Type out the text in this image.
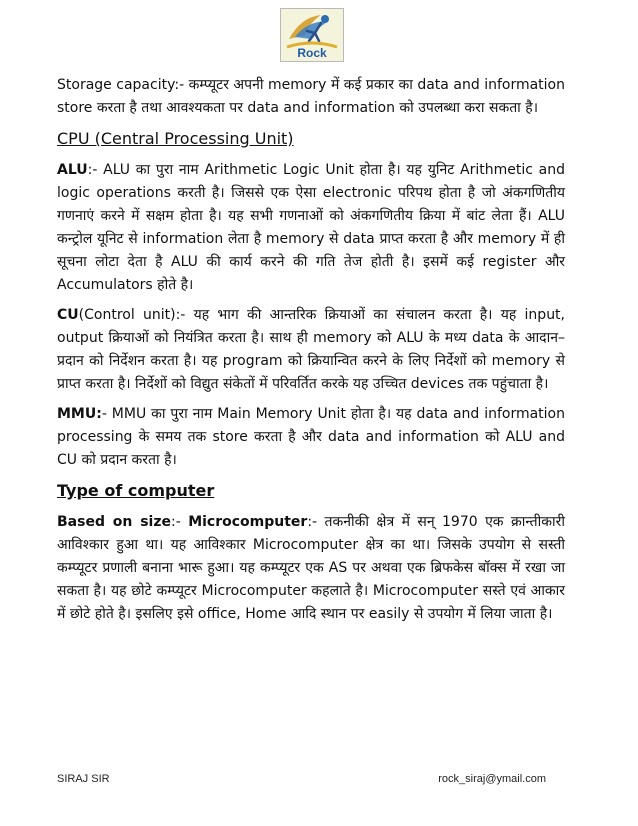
Rock

Storage capacity:- कम्प्यूटर अपनी memory में कई प्रकार का data and information store करता है तथा आवश्यकता पर data and information को उपलब्धा करा सकता है।

CPU (Central Processing Unit)

ALU:- ALU का पुरा नाम Arithmetic Logic Unit होता है। यह युनिट Arithmetic and logic operations करती है। जिससे एक ऐसा electronic परिपथ होता है जो अंकगणितीय गणनाएं करने में सक्षम होता है। यह सभी गणनाओं को अंकगणितीय क्रिया में बांट लेता हैं। ALU कन्ट्रोल यूनिट से information लेता है memory से data प्राप्त करता है और memory में ही सूचना लोटा देता है ALU की कार्य करने की गति तेज होती है। इसमें कई register और Accumulators होते है।

CU(Control unit):- यह भाग की आन्तरिक क्रियाओं का संचालन करता है। यह input, output क्रियाओं को नियंत्रित करता है। साथ ही memory को ALU के मध्य data के आदान–प्रदान को निर्देशन करता है। यह program को क्रियान्वित करने के लिए निर्देशों को memory से प्राप्त करता है। निर्देशों को विद्युत संकेतों में परिवर्तित करके यह उच्चित devices तक पहुंचाता है।

MMU:- MMU का पुरा नाम Main Memory Unit होता है। यह data and information processing के समय तक store करता है और data and information को ALU and CU को प्रदान करता है।

Type of computer

Based on size:- Microcomputer:- तकनीकी क्षेत्र में सन् 1970 एक क्रान्तीकारी आविश्कार हुआ था। यह आविश्कार Microcomputer क्षेत्र का था। जिसके उपयोग से सस्ती कम्प्यूटर प्रणाली बनाना भारू हुआ। यह कम्प्यूटर एक AS पर अथवा एक ब्रिफकेस बॉक्स में रखा जा सकता है। यह छोटे कम्प्यूटर Microcomputer कहलाते है। Microcomputer सस्ते एवं आकार में छोटे होते है। इसलिए इसे office, Home आदि स्थान पर easily से उपयोग में लिया जाता है।

SIRAJ SIR	rock_siraj@ymail.com
